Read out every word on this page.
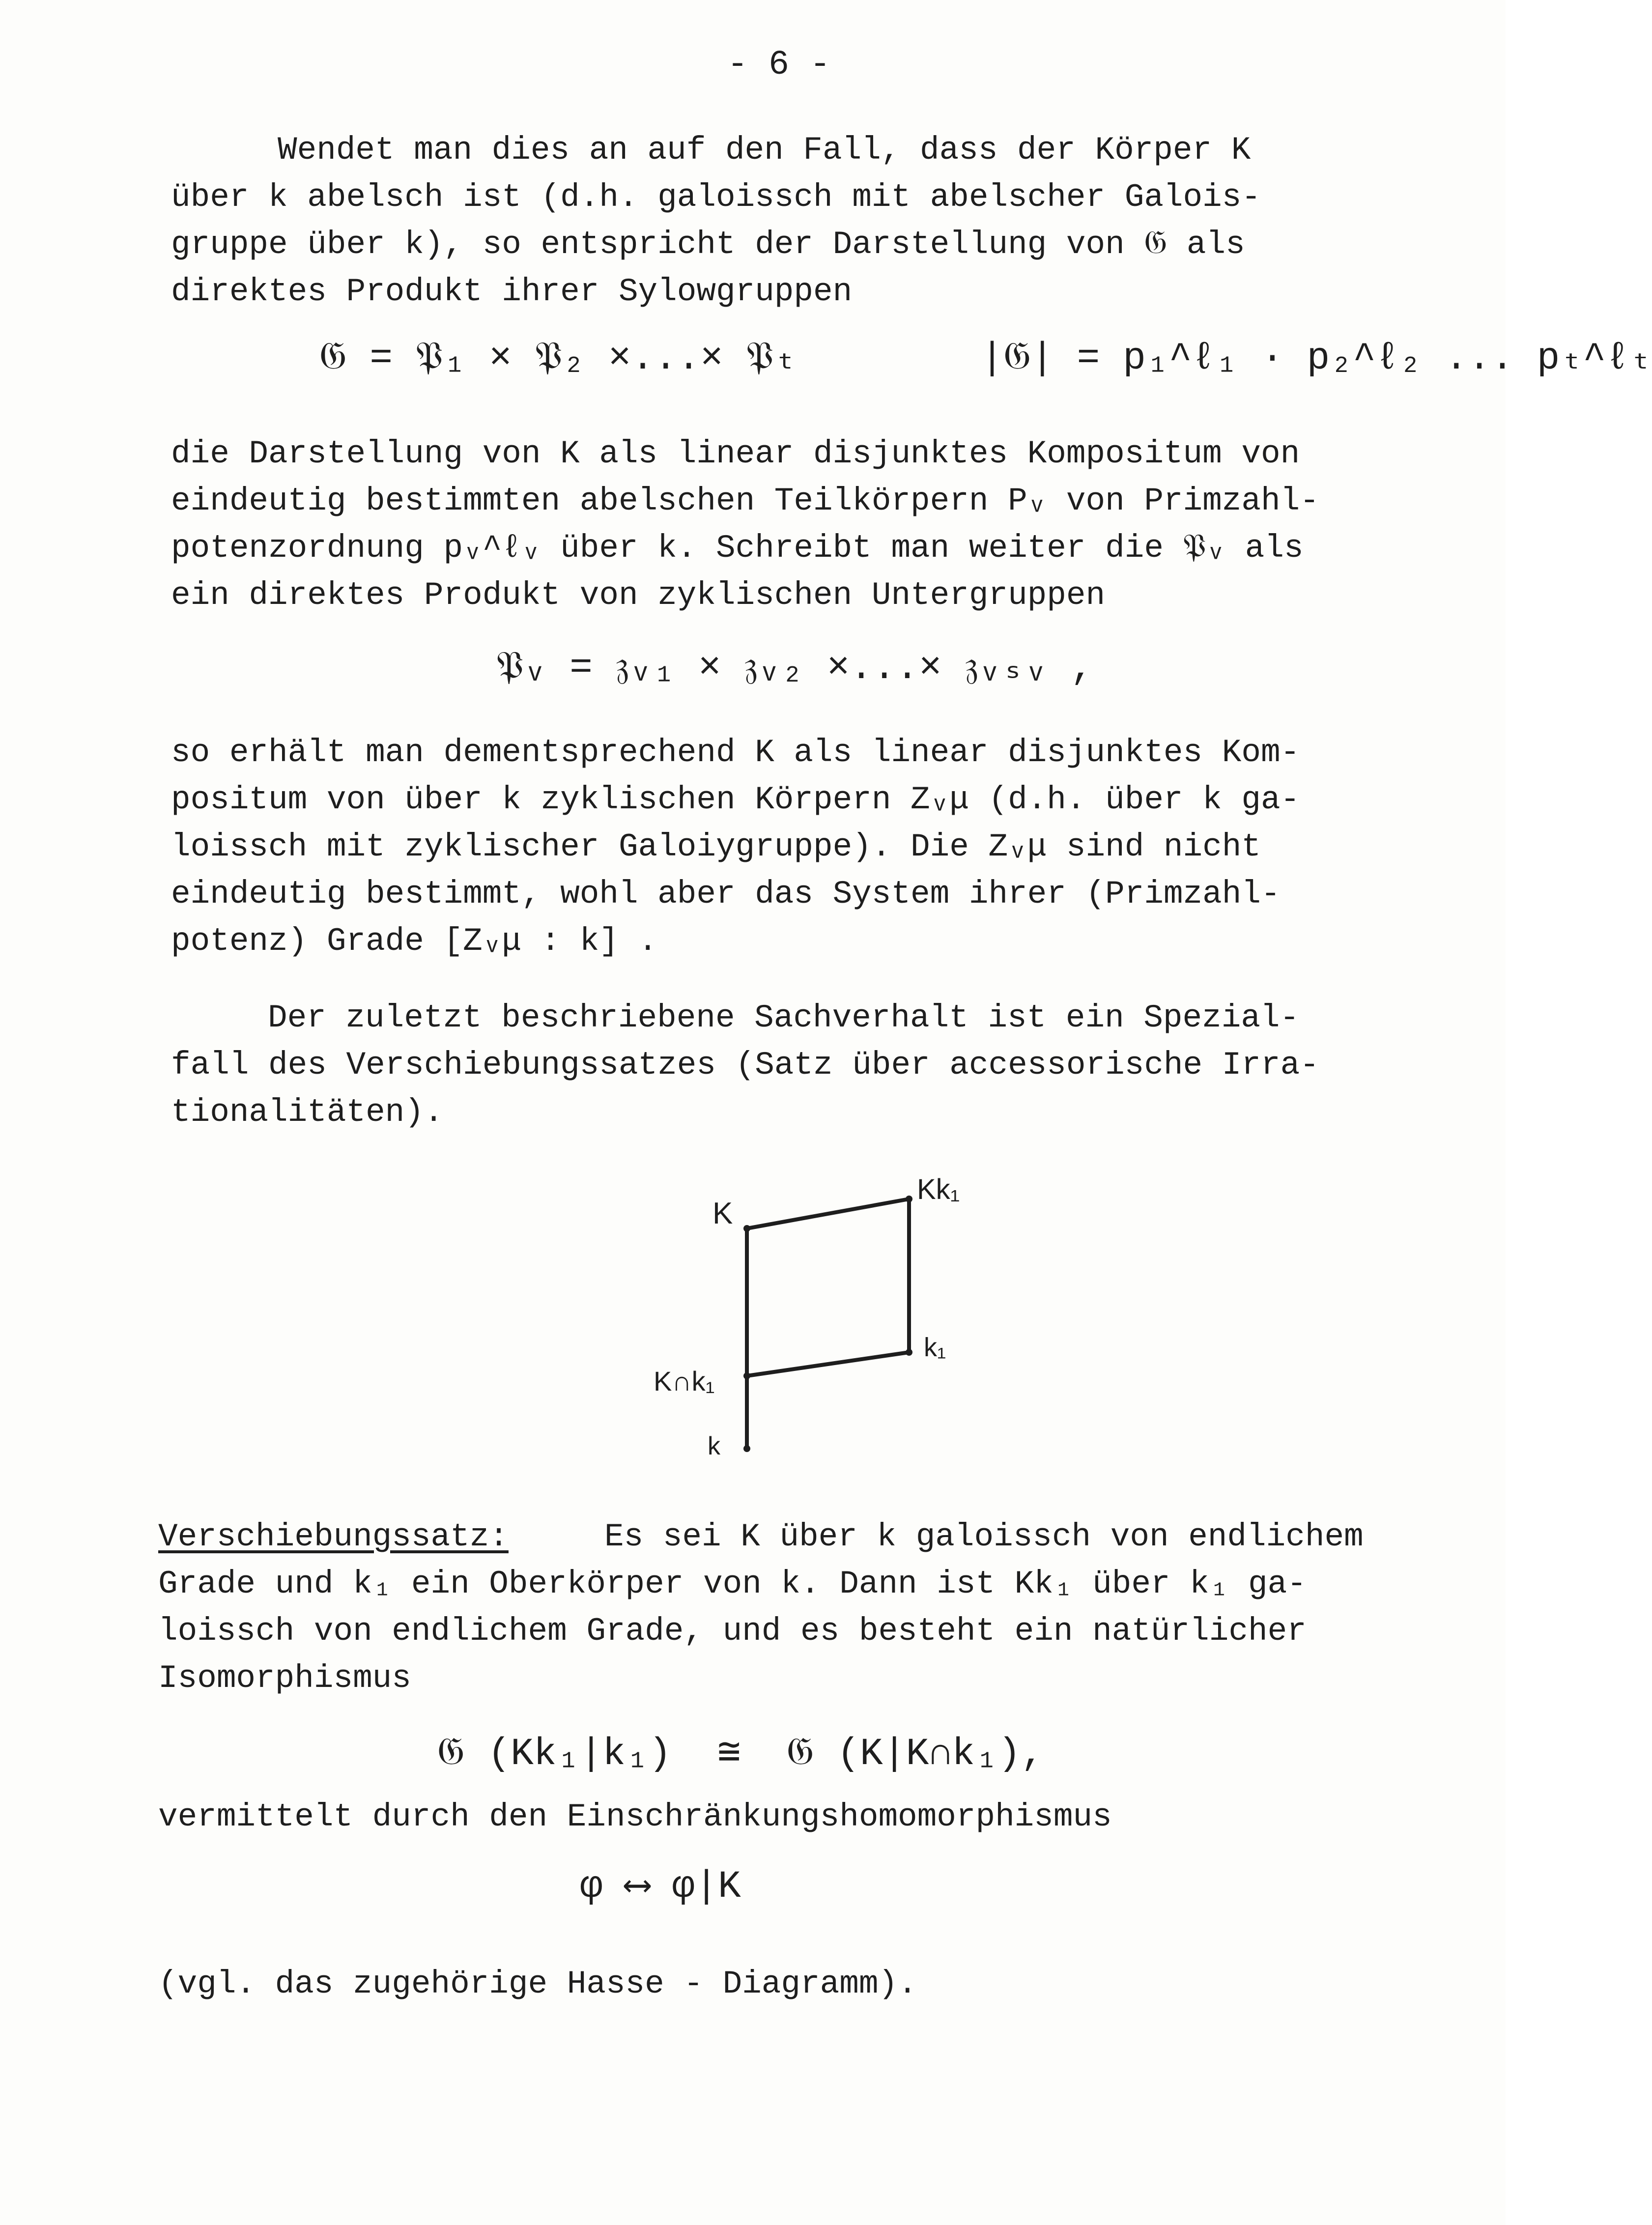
- 6 -
Wendet man dies an auf den Fall, dass der Körper K
über k abelsch ist (d.h. galoissch mit abelscher Galois-
gruppe über k), so entspricht der Darstellung von 𝔊 als
direktes Produkt ihrer Sylowgruppen
𝔊 = 𝔓₁ × 𝔓₂ ×...× 𝔓ₜ        |𝔊| = p₁^ℓ₁ · p₂^ℓ₂ ... pₜ^ℓₜ
die Darstellung von K als linear disjunktes Kompositum von
eindeutig bestimmten abelschen Teilkörpern Pᵥ von Primzahl-
potenzordnung pᵥ^ℓᵥ über k. Schreibt man weiter die 𝔓ᵥ als
ein direktes Produkt von zyklischen Untergruppen
𝔓ᵥ = 𝔷ᵥ₁ × 𝔷ᵥ₂ ×...× 𝔷ᵥₛᵥ ,
so erhält man dementsprechend K als linear disjunktes Kom-
positum von über k zyklischen Körpern Zᵥμ (d.h. über k ga-
loissch mit zyklischer Galoiygruppe). Die Zᵥμ sind nicht
eindeutig bestimmt, wohl aber das System ihrer (Primzahl-
potenz) Grade [Zᵥμ : k] .
Der zuletzt beschriebene Sachverhalt ist ein Spezial-
fall des Verschiebungssatzes (Satz über accessorische Irra-
tionalitäten).
K
Kk₁
k₁
K∩k₁
k
Verschiebungssatz:	Es sei K über k galoissch von endlichem
Grade und k₁ ein Oberkörper von k. Dann ist Kk₁ über k₁ ga-
loissch von endlichem Grade, und es besteht ein natürlicher
Isomorphismus
𝔊 (Kk₁|k₁)  ≅  𝔊 (K|K∩k₁),
vermittelt durch den Einschränkungshomomorphismus
φ ⟷ φ|K
(vgl. das zugehörige Hasse - Diagramm).
